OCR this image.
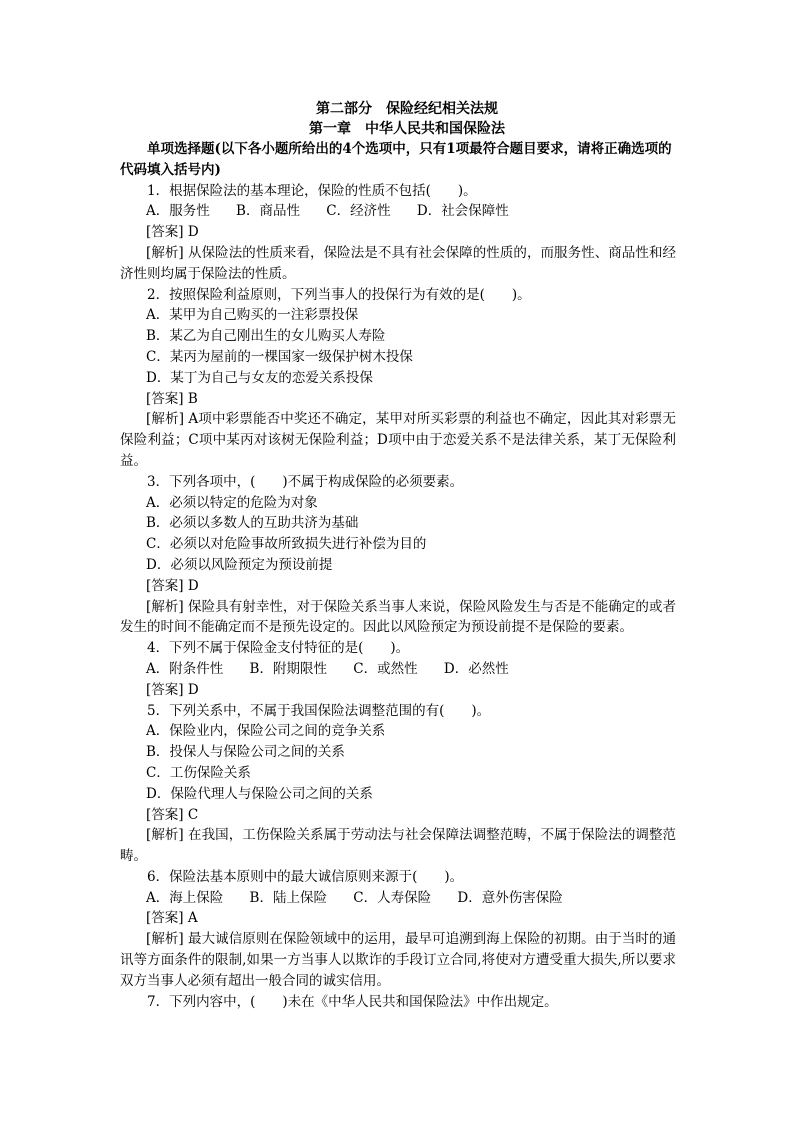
第二部分　保险经纪相关法规
第一章　中华人民共和国保险法

单项选择题(以下各小题所给出的4个选项中，只有1项最符合题目要求，请将正确选项的代码填入括号内)

1．根据保险法的基本理论，保险的性质不包括(　　)。

A．服务性 B．商品性 C．经济性 D．社会保障性

[答案] D

[解析] 从保险法的性质来看，保险法是不具有社会保障的性质的，而服务性、商品性和经济性则均属于保险法的性质。

2．按照保险利益原则，下列当事人的投保行为有效的是(　　)。

A．某甲为自己购买的一注彩票投保

B．某乙为自己刚出生的女儿购买人寿险

C．某丙为屋前的一棵国家一级保护树木投保

D．某丁为自己与女友的恋爱关系投保

[答案] B

[解析] A项中彩票能否中奖还不确定，某甲对所买彩票的利益也不确定，因此其对彩票无保险利益；C项中某丙对该树无保险利益；D项中由于恋爱关系不是法律关系，某丁无保险利益。

3．下列各项中，(　　)不属于构成保险的必须要素。

A．必须以特定的危险为对象

B．必须以多数人的互助共济为基础

C．必须以对危险事故所致损失进行补偿为目的

D．必须以风险预定为预设前提

[答案] D

[解析] 保险具有射幸性，对于保险关系当事人来说，保险风险发生与否是不能确定的或者发生的时间不能确定而不是预先设定的。因此以风险预定为预设前提不是保险的要素。

4．下列不属于保险金支付特征的是(　　)。

A．附条件性 B．附期限性 C．或然性 D．必然性

[答案] D

5．下列关系中，不属于我国保险法调整范围的有(　　)。

A．保险业内，保险公司之间的竞争关系

B．投保人与保险公司之间的关系

C．工伤保险关系

D．保险代理人与保险公司之间的关系

[答案] C

[解析] 在我国，工伤保险关系属于劳动法与社会保障法调整范畴，不属于保险法的调整范畴。

6．保险法基本原则中的最大诚信原则来源于(　　)。

A．海上保险 B．陆上保险 C．人寿保险 D．意外伤害保险

[答案] A

[解析] 最大诚信原则在保险领域中的运用，最早可追溯到海上保险的初期。由于当时的通讯等方面条件的限制,如果一方当事人以欺诈的手段订立合同,将使对方遭受重大损失,所以要求双方当事人必须有超出一般合同的诚实信用。

7．下列内容中，(　　)未在《中华人民共和国保险法》中作出规定。
